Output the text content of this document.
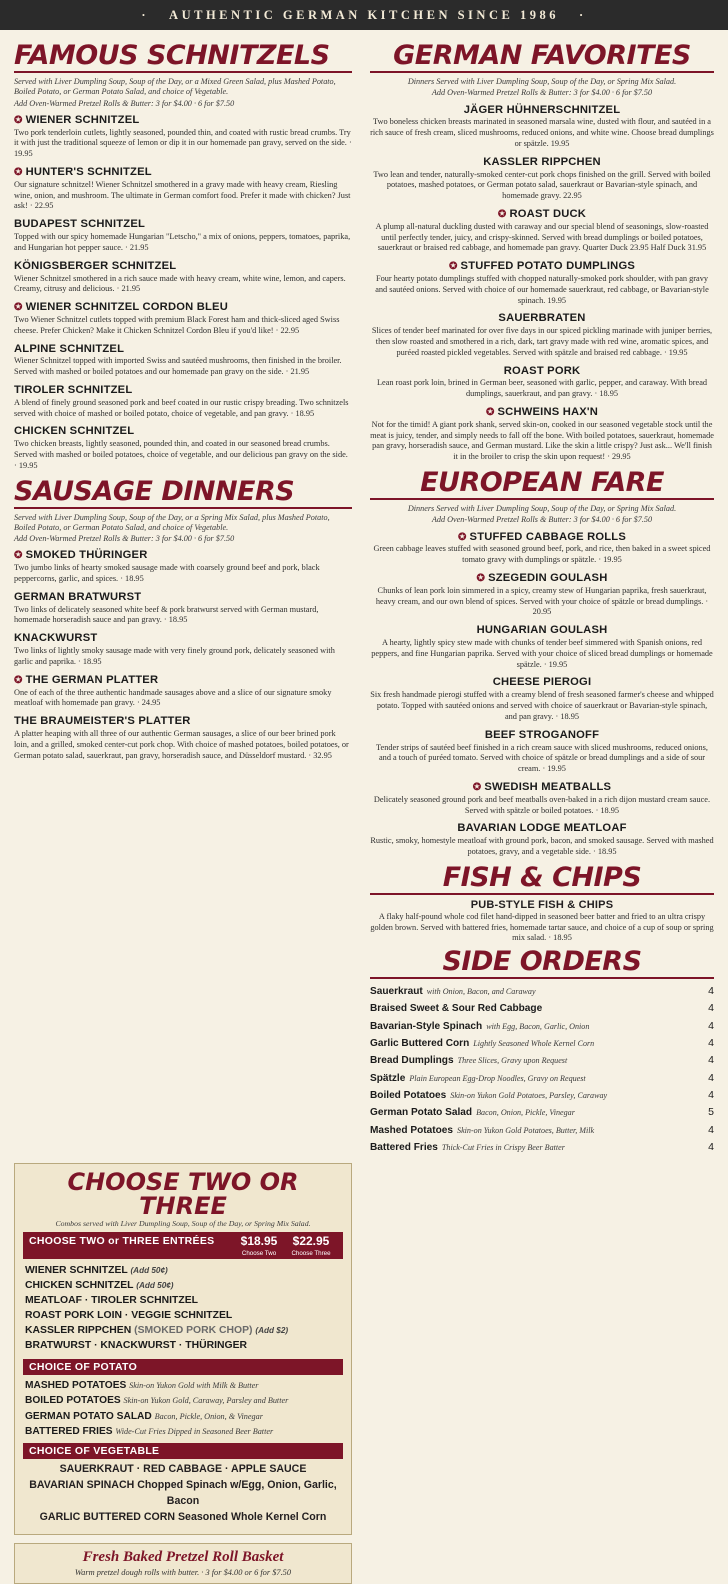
· AUTHENTIC GERMAN KITCHEN SINCE 1986 ·
FAMOUS SCHNITZELS
Served with Liver Dumpling Soup, Soup of the Day, or a Mixed Green Salad, plus Mashed Potato, Boiled Potato, or German Potato Salad, and choice of Vegetable.
Add Oven-Warmed Pretzel Rolls & Butter: 3 for $4.00 · 6 for $7.50
✪ WIENER SCHNITZEL
Two pork tenderloin cutlets, lightly seasoned, pounded thin, and coated with rustic bread crumbs. Try it with just the traditional squeeze of lemon or dip it in our homemade pan gravy, served on the side. · 19.95
✪ HUNTER'S SCHNITZEL
Our signature schnitzel! Wiener Schnitzel smothered in a gravy made with heavy cream, Riesling wine, onion, and mushroom. The ultimate in German comfort food. Prefer it made with chicken? Just ask! · 22.95
BUDAPEST SCHNITZEL
Topped with our spicy homemade Hungarian "Letscho," a mix of onions, peppers, tomatoes, paprika, and Hungarian hot pepper sauce. · 21.95
KÖNIGSBERGER SCHNITZEL
Wiener Schnitzel smothered in a rich sauce made with heavy cream, white wine, lemon, and capers. Creamy, citrusy and delicious. · 21.95
✪ WIENER SCHNITZEL CORDON BLEU
Two Wiener Schnitzel cutlets topped with premium Black Forest ham and thick-sliced aged Swiss cheese. Prefer Chicken? Make it Chicken Schnitzel Cordon Bleu if you'd like! · 22.95
ALPINE SCHNITZEL
Wiener Schnitzel topped with imported Swiss and sautéed mushrooms, then finished in the broiler. Served with mashed or boiled potatoes and our homemade pan gravy on the side. · 21.95
TIROLER SCHNITZEL
A blend of finely ground seasoned pork and beef coated in our rustic crispy breading. Two schnitzels served with choice of mashed or boiled potato, choice of vegetable, and pan gravy. · 18.95
CHICKEN SCHNITZEL
Two chicken breasts, lightly seasoned, pounded thin, and coated in our seasoned bread crumbs. Served with mashed or boiled potatoes, choice of vegetable, and our delicious pan gravy on the side. · 19.95
SAUSAGE DINNERS
Served with Liver Dumpling Soup, Soup of the Day, or a Spring Mix Salad, plus Mashed Potato, Boiled Potato, or German Potato Salad, and choice of Vegetable.
Add Oven-Warmed Pretzel Rolls & Butter: 3 for $4.00 · 6 for $7.50
✪ SMOKED THÜRINGER
Two jumbo links of hearty smoked sausage made with coarsely ground beef and pork, black peppercorns, garlic, and spices. · 18.95
GERMAN BRATWURST
Two links of delicately seasoned white beef & pork bratwurst served with German mustard, homemade horseradish sauce and pan gravy. · 18.95
KNACKWURST
Two links of lightly smoky sausage made with very finely ground pork, delicately seasoned with garlic and paprika. · 18.95
✪ THE GERMAN PLATTER
One of each of the three authentic handmade sausages above and a slice of our signature smoky meatloaf with homemade pan gravy. · 24.95
THE BRAUMEISTER'S PLATTER
A platter heaping with all three of our authentic German sausages, a slice of our beer brined pork loin, and a grilled, smoked center-cut pork chop. With choice of mashed potatoes, boiled potatoes, or German potato salad, sauerkraut, pan gravy, horseradish sauce, and Düsseldorf mustard. · 32.95
GERMAN FAVORITES
Dinners Served with Liver Dumpling Soup, Soup of the Day, or Spring Mix Salad.
Add Oven-Warmed Pretzel Rolls & Butter: 3 for $4.00 · 6 for $7.50
JÄGER HÜHNERSCHNITZEL
Two boneless chicken breasts marinated in seasoned marsala wine, dusted with flour, and sautéed in a rich sauce of fresh cream, sliced mushrooms, reduced onions, and white wine. Choose bread dumplings or spätzle. 19.95
KASSLER RIPPCHEN
Two lean and tender, naturally-smoked center-cut pork chops finished on the grill. Served with boiled potatoes, mashed potatoes, or German potato salad, sauerkraut or Bavarian-style spinach, and homemade gravy. 22.95
✪ ROAST DUCK
A plump all-natural duckling dusted with caraway and our special blend of seasonings, slow-roasted until perfectly tender, juicy, and crispy-skinned. Served with bread dumplings or boiled potatoes, sauerkraut or braised red cabbage, and homemade pan gravy. Quarter Duck 23.95 Half Duck 31.95
✪ STUFFED POTATO DUMPLINGS
Four hearty potato dumplings stuffed with chopped naturally-smoked pork shoulder, with pan gravy and sautéed onions. Served with choice of our homemade sauerkraut, red cabbage, or Bavarian-style spinach. 19.95
SAUERBRATEN
Slices of tender beef marinated for over five days in our spiced pickling marinade with juniper berries, then slow roasted and smothered in a rich, dark, tart gravy made with red wine, aromatic spices, and puréed roasted pickled vegetables. Served with spätzle and braised red cabbage. · 19.95
ROAST PORK
Lean roast pork loin, brined in German beer, seasoned with garlic, pepper, and caraway. With bread dumplings, sauerkraut, and pan gravy. · 18.95
✪ SCHWEINS HAX'N
Not for the timid! A giant pork shank, served skin-on, cooked in our seasoned vegetable stock until the meat is juicy, tender, and simply needs to fall off the bone. With boiled potatoes, sauerkraut, homemade pan gravy, horseradish sauce, and German mustard. Like the skin a little crispy? Just ask... We'll finish it in the broiler to crisp the skin upon request! · 29.95
EUROPEAN FARE
Dinners Served with Liver Dumpling Soup, Soup of the Day, or Spring Mix Salad.
Add Oven-Warmed Pretzel Rolls & Butter: 3 for $4.00 · 6 for $7.50
✪ STUFFED CABBAGE ROLLS
Green cabbage leaves stuffed with seasoned ground beef, pork, and rice, then baked in a sweet spiced tomato gravy with dumplings or spätzle. · 19.95
✪ SZEGEDIN GOULASH
Chunks of lean pork loin simmered in a spicy, creamy stew of Hungarian paprika, fresh sauerkraut, heavy cream, and our own blend of spices. Served with your choice of spätzle or bread dumplings. · 20.95
HUNGARIAN GOULASH
A hearty, lightly spicy stew made with chunks of tender beef simmered with Spanish onions, red peppers, and fine Hungarian paprika. Served with your choice of sliced bread dumplings or homemade spätzle. · 19.95
CHEESE PIEROGI
Six fresh handmade pierogi stuffed with a creamy blend of fresh seasoned farmer's cheese and whipped potato. Topped with sautéed onions and served with choice of sauerkraut or Bavarian-style spinach, and pan gravy. · 18.95
BEEF STROGANOFF
Tender strips of sautéed beef finished in a rich cream sauce with sliced mushrooms, reduced onions, and a touch of puréed tomato. Served with choice of spätzle or bread dumplings and a side of sour cream. · 19.95
✪ SWEDISH MEATBALLS
Delicately seasoned ground pork and beef meatballs oven-baked in a rich dijon mustard cream sauce. Served with spätzle or boiled potatoes. · 18.95
BAVARIAN LODGE MEATLOAF
Rustic, smoky, homestyle meatloaf with ground pork, bacon, and smoked sausage. Served with mashed potatoes, gravy, and a vegetable side. · 18.95
FISH & CHIPS
PUB-STYLE FISH & CHIPS
A flaky half-pound whole cod filet hand-dipped in seasoned beer batter and fried to an ultra crispy golden brown. Served with battered fries, homemade tartar sauce, and choice of a cup of soup or spring mix salad. · 18.95
SIDE ORDERS
Sauerkraut with Onion, Bacon, and Caraway	4
Braised Sweet & Sour Red Cabbage	4
Bavarian-Style Spinach with Egg, Bacon, Garlic, Onion	4
Garlic Buttered Corn Lightly Seasoned Whole Kernel Corn	4
Bread Dumplings Three Slices, Gravy upon Request	4
Spätzle Plain European Egg-Drop Noodles, Gravy on Request	4
Boiled Potatoes Skin-on Yukon Gold Potatoes, Parsley, Caraway	4
German Potato Salad Bacon, Onion, Pickle, Vinegar	5
Mashed Potatoes Skin-on Yukon Gold Potatoes, Butter, Milk	4
Battered Fries Thick-Cut Fries in Crispy Beer Batter	4
CHOOSE TWO OR THREE
Combos served with Liver Dumpling Soup, Soup of the Day, or Spring Mix Salad.
CHOOSE TWO or THREE ENTRÉES	$18.95	$22.95
Choose Two	Choose Three
WIENER SCHNITZEL (Add 50¢)
CHICKEN SCHNITZEL (Add 50¢)
MEATLOAF · TIROLER SCHNITZEL
ROAST PORK LOIN · VEGGIE SCHNITZEL
KASSLER RIPPCHEN (SMOKED PORK CHOP) (Add $2)
BRATWURST · KNACKWURST · THÜRINGER
CHOICE OF POTATO
MASHED POTATOES Skin-on Yukon Gold with Milk & Butter
BOILED POTATOES Skin-on Yukon Gold, Caraway, Parsley and Butter
GERMAN POTATO SALAD Bacon, Pickle, Onion, & Vinegar
BATTERED FRIES Wide-Cut Fries Dipped in Seasoned Beer Batter
CHOICE OF VEGETABLE
SAUERKRAUT · RED CABBAGE · APPLE SAUCE
BAVARIAN SPINACH Chopped Spinach w/Egg, Onion, Garlic, Bacon
GARLIC BUTTERED CORN Seasoned Whole Kernel Corn
Fresh Baked Pretzel Roll Basket
Warm pretzel dough rolls with butter. · 3 for $4.00 or 6 for $7.50
